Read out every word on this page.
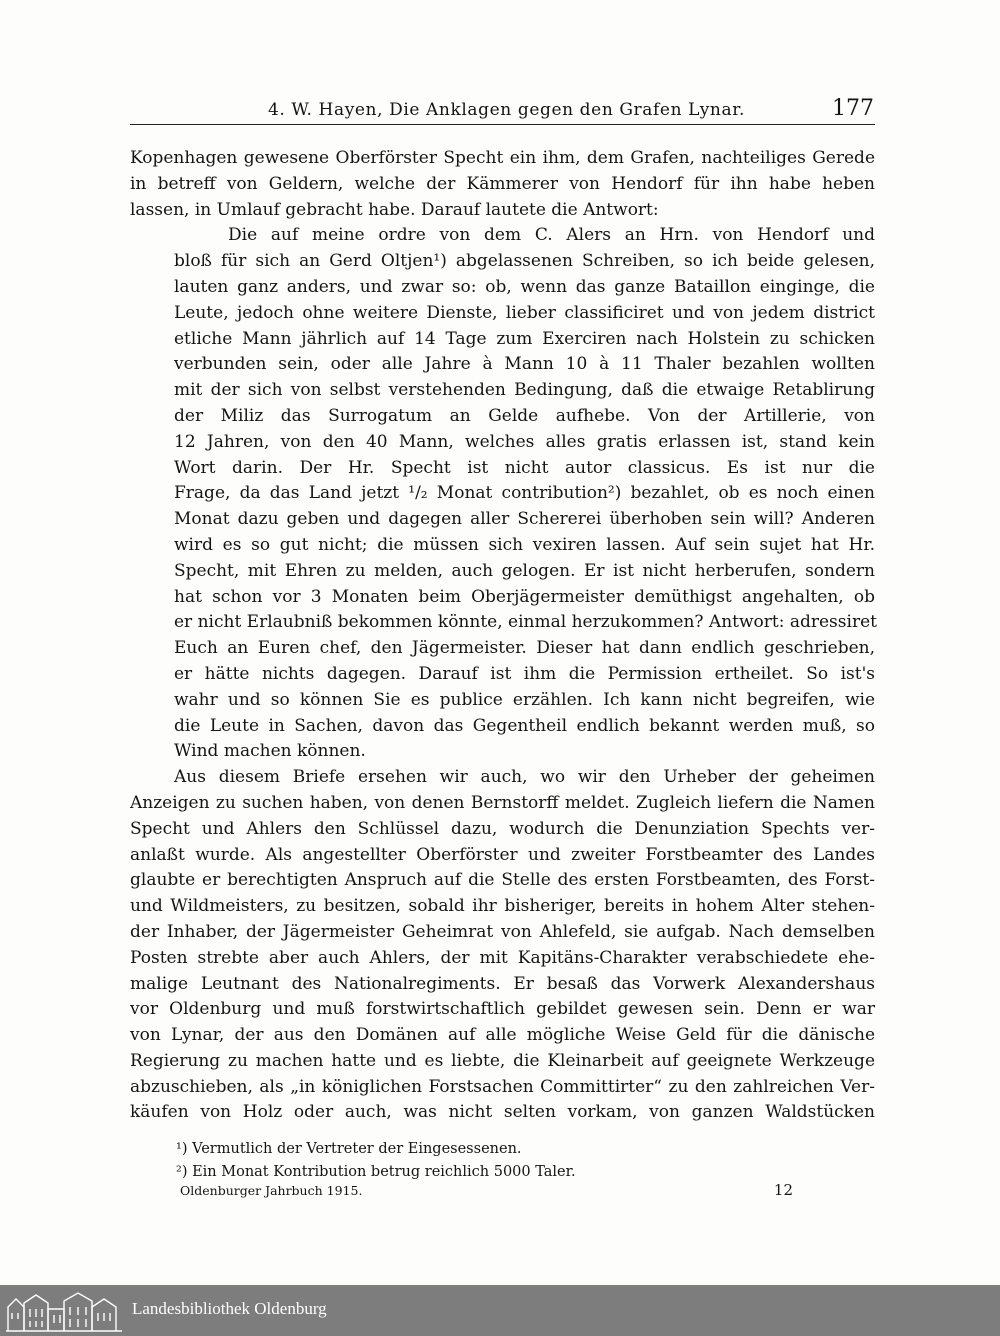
4. W. Hayen, Die Anklagen gegen den Grafen Lynar.	177
Kopenhagen gewesene Oberförster Specht ein ihm, dem Grafen, nachteiliges Gerede
in betreff von Geldern, welche der Kämmerer von Hendorf für ihn habe heben
lassen, in Umlauf gebracht habe. Darauf lautete die Antwort:
Die auf meine ordre von dem C. Alers an Hrn. von Hendorf und
bloß für sich an Gerd Oltjen¹) abgelassenen Schreiben, so ich beide gelesen,
lauten ganz anders, und zwar so: ob, wenn das ganze Bataillon einginge, die
Leute, jedoch ohne weitere Dienste, lieber classificiret und von jedem district
etliche Mann jährlich auf 14 Tage zum Exerciren nach Holstein zu schicken
verbunden sein, oder alle Jahre à Mann 10 à 11 Thaler bezahlen wollten
mit der sich von selbst verstehenden Bedingung, daß die etwaige Retablirung
der Miliz das Surrogatum an Gelde aufhebe. Von der Artillerie, von
12 Jahren, von den 40 Mann, welches alles gratis erlassen ist, stand kein
Wort darin. Der Hr. Specht ist nicht autor classicus. Es ist nur die
Frage, da das Land jetzt ¹/₂ Monat contribution²) bezahlet, ob es noch einen
Monat dazu geben und dagegen aller Schererei überhoben sein will? Anderen
wird es so gut nicht; die müssen sich vexiren lassen. Auf sein sujet hat Hr.
Specht, mit Ehren zu melden, auch gelogen. Er ist nicht herberufen, sondern
hat schon vor 3 Monaten beim Oberjägermeister demüthigst angehalten, ob
er nicht Erlaubniß bekommen könnte, einmal herzukommen? Antwort: adressiret
Euch an Euren chef, den Jägermeister. Dieser hat dann endlich geschrieben,
er hätte nichts dagegen. Darauf ist ihm die Permission ertheilet. So ist's
wahr und so können Sie es publice erzählen. Ich kann nicht begreifen, wie
die Leute in Sachen, davon das Gegentheil endlich bekannt werden muß, so
Wind machen können.
Aus diesem Briefe ersehen wir auch, wo wir den Urheber der geheimen
Anzeigen zu suchen haben, von denen Bernstorff meldet. Zugleich liefern die Namen
Specht und Ahlers den Schlüssel dazu, wodurch die Denunziation Spechts ver-
anlaßt wurde. Als angestellter Oberförster und zweiter Forstbeamter des Landes
glaubte er berechtigten Anspruch auf die Stelle des ersten Forstbeamten, des Forst-
und Wildmeisters, zu besitzen, sobald ihr bisheriger, bereits in hohem Alter stehen-
der Inhaber, der Jägermeister Geheimrat von Ahlefeld, sie aufgab. Nach demselben
Posten strebte aber auch Ahlers, der mit Kapitäns-Charakter verabschiedete ehe-
malige Leutnant des Nationalregiments. Er besaß das Vorwerk Alexandershaus
vor Oldenburg und muß forstwirtschaftlich gebildet gewesen sein. Denn er war
von Lynar, der aus den Domänen auf alle mögliche Weise Geld für die dänische
Regierung zu machen hatte und es liebte, die Kleinarbeit auf geeignete Werkzeuge
abzuschieben, als „in königlichen Forstsachen Committirter“ zu den zahlreichen Ver-
käufen von Holz oder auch, was nicht selten vorkam, von ganzen Waldstücken
¹) Vermutlich der Vertreter der Eingesessenen.
²) Ein Monat Kontribution betrug reichlich 5000 Taler.
Oldenburger Jahrbuch 1915.	12
Landesbibliothek Oldenburg
